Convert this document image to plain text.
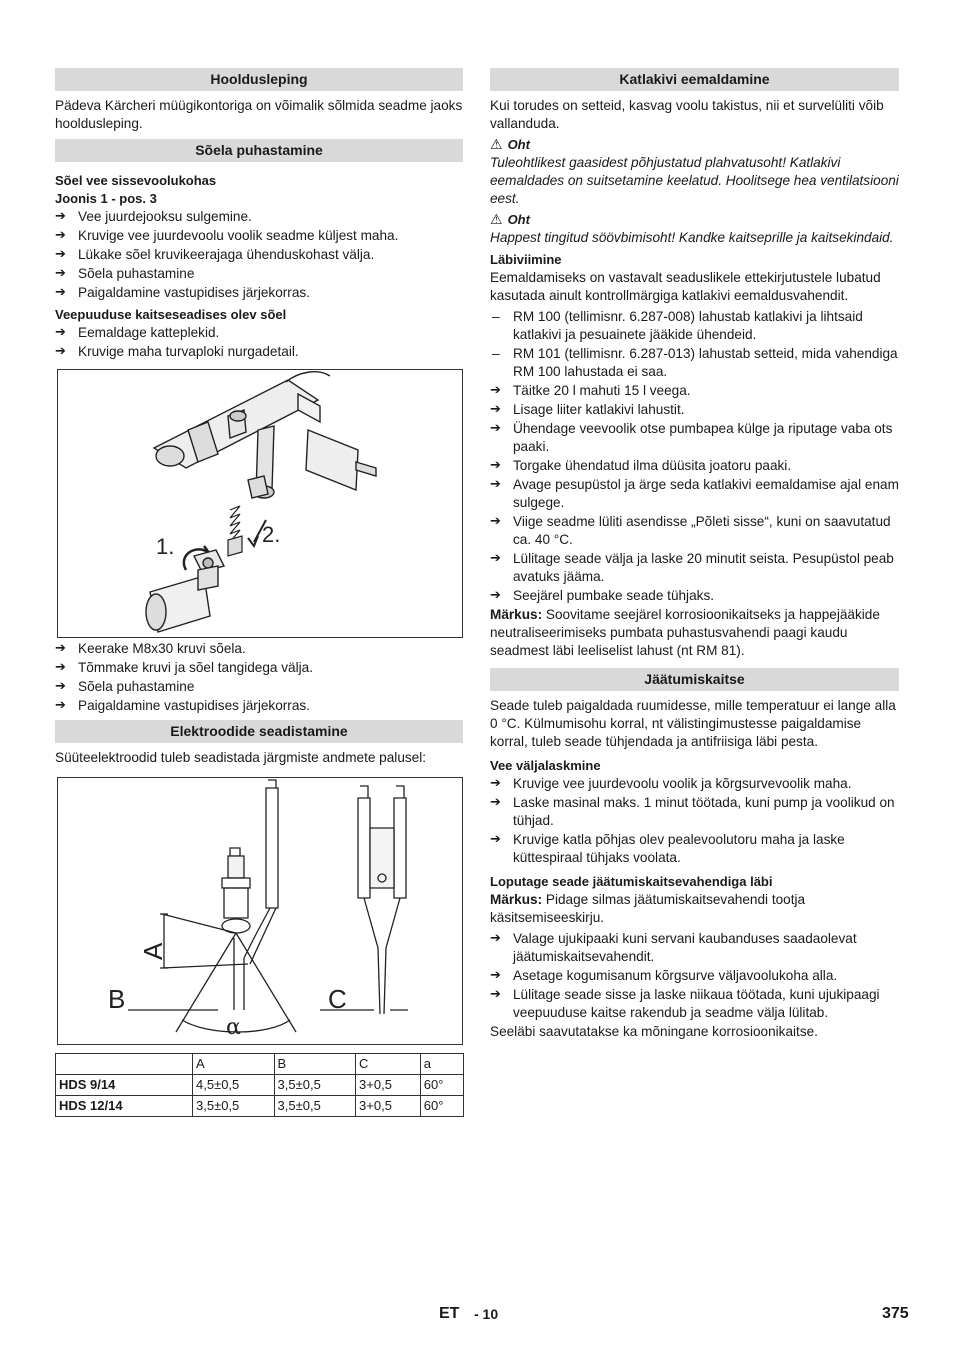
Hooldusleping

Pädeva Kärcheri müügikontoriga on võimalik sõlmida seadme jaoks hooldusleping.

Sõela puhastamine
Sõel vee sissevoolukohas
Joonis 1 - pos. 3
➔ Vee juurdejooksu sulgemine.
➔ Kruvige vee juurdevoolu voolik seadme küljest maha.
➔ Lükake sõel kruvikeerajaga ühenduskohast välja.
➔ Sõela puhastamine
➔ Paigaldamine vastupidises järjekorras.
Veepuuduse kaitseseadises olev sõel
➔ Eemaldage katteplekid.
➔ Kruvige maha turvaploki nurgadetail.
1.	2.
➔ Keerake M8x30 kruvi sõela.
➔ Tõmmake kruvi ja sõel tangidega välja.
➔ Sõela puhastamine
➔ Paigaldamine vastupidises järjekorras.
Elektroodide seadistamine

Süüteelektroodid tuleb seadistada järgmiste andmete palusel:

A
B	C
α
	A	B	C	a
HDS 9/14	4,5±0,5	3,5±0,5	3+0,5	60°
HDS 12/14	3,5±0,5	3,5±0,5	3+0,5	60°
Katlakivi eemaldamine

Kui torudes on setteid, kasvag voolu takistus, nii et survelüliti võib vallanduda.

⚠ Oht

Tuleohtlikest gaasidest põhjustatud plahvatusoht! Katlakivi eemaldades on suitsetamine keelatud. Hoolitsege hea ventilatsiooni eest.

⚠ Oht

Happest tingitud söövbimisoht! Kandke kaitseprille ja kaitsekindaid.

Läbiviimine

Eemaldamiseks on vastavalt seaduslikele ettekirjutustele lubatud kasutada ainult kontrollmärgiga katlakivi eemaldusvahendit.

– RM 100 (tellimisnr. 6.287-008) lahustab katlakivi ja lihtsaid katlakivi ja pesuainete jääkide ühendeid.
– RM 101 (tellimisnr. 6.287-013) lahustab setteid, mida vahendiga RM 100 lahustada ei saa.
➔ Täitke 20 l mahuti 15 l veega.
➔ Lisage liiter katlakivi lahustit.
➔ Ühendage veevoolik otse pumbapea külge ja riputage vaba ots paaki.
➔ Torgake ühendatud ilma düüsita joatoru paaki.
➔ Avage pesupüstol ja ärge seda katlakivi eemaldamise ajal enam sulgege.
➔ Viige seadme lüliti asendisse „Põleti sisse“, kuni on saavutatud ca. 40 °C.
➔ Lülitage seade välja ja laske 20 minutit seista. Pesupüstol peab avatuks jääma.
➔ Seejärel pumbake seade tühjaks.

Märkus: Soovitame seejärel korrosioonikaitseks ja happejääkide neutraliseerimiseks pumbata puhastusvahendi paagi kaudu seadmest läbi leeliselist lahust (nt RM 81).

Jäätumiskaitse

Seade tuleb paigaldada ruumidesse, mille temperatuur ei lange alla 0 °C. Külmumisohu korral, nt välistingimustesse paigaldamise korral, tuleb seade tühjendada ja antifriisiga läbi pesta.

Vee väljalaskmine
➔ Kruvige vee juurdevoolu voolik ja kõrgsurvevoolik maha.
➔ Laske masinal maks. 1 minut töötada, kuni pump ja voolikud on tühjad.
➔ Kruvige katla põhjas olev pealevoolutoru maha ja laske küttespiraal tühjaks voolata.
Loputage seade jäätumiskaitsevahendiga läbi

Märkus: Pidage silmas jäätumiskaitsevahendi tootja käsitsemiseeskirju.

➔ Valage ujukipaaki kuni servani kaubanduses saadaolevat jäätumiskaitsevahendit.
➔ Asetage kogumisanum kõrgsurve väljavoolukoha alla.
➔ Lülitage seade sisse ja laske niikaua töötada, kuni ujukipaagi veepuuduse kaitse rakendub ja seadme välja lülitab.

Seeläbi saavutatakse ka mõningane korrosioonikaitse.

ET - 10	375
